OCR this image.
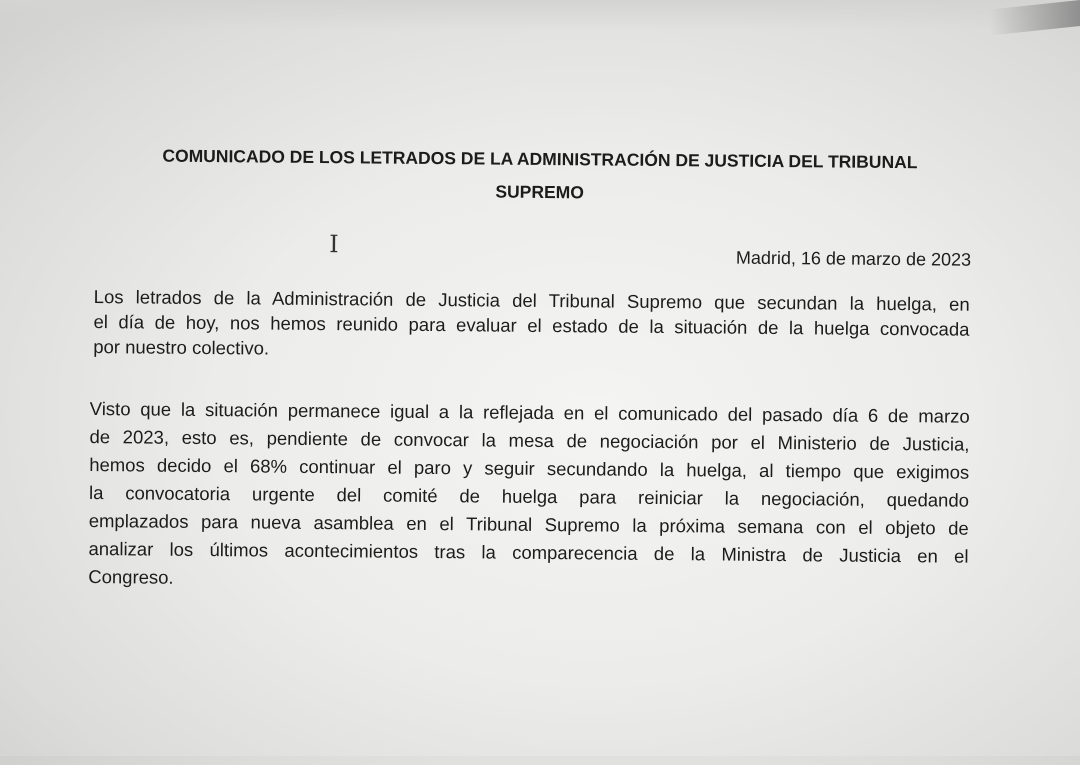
COMUNICADO DE LOS LETRADOS DE LA ADMINISTRACIÓN DE JUSTICIA DEL TRIBUNAL
SUPREMO
I
Madrid, 16 de marzo de 2023
Los letrados de la Administración de Justicia del Tribunal Supremo que secundan la huelga, en
el día de hoy, nos hemos reunido para evaluar el estado de la situación de la huelga convocada
por nuestro colectivo.
Visto que la situación permanece igual a la reflejada en el comunicado del pasado día 6 de marzo
de 2023, esto es, pendiente de convocar la mesa de negociación por el Ministerio de Justicia,
hemos decido el 68% continuar el paro y seguir secundando la huelga, al tiempo que exigimos
la convocatoria urgente del comité de huelga para reiniciar la negociación, quedando
emplazados para nueva asamblea en el Tribunal Supremo la próxima semana con el objeto de
analizar los últimos acontecimientos tras la comparecencia de la Ministra de Justicia en el
Congreso.
